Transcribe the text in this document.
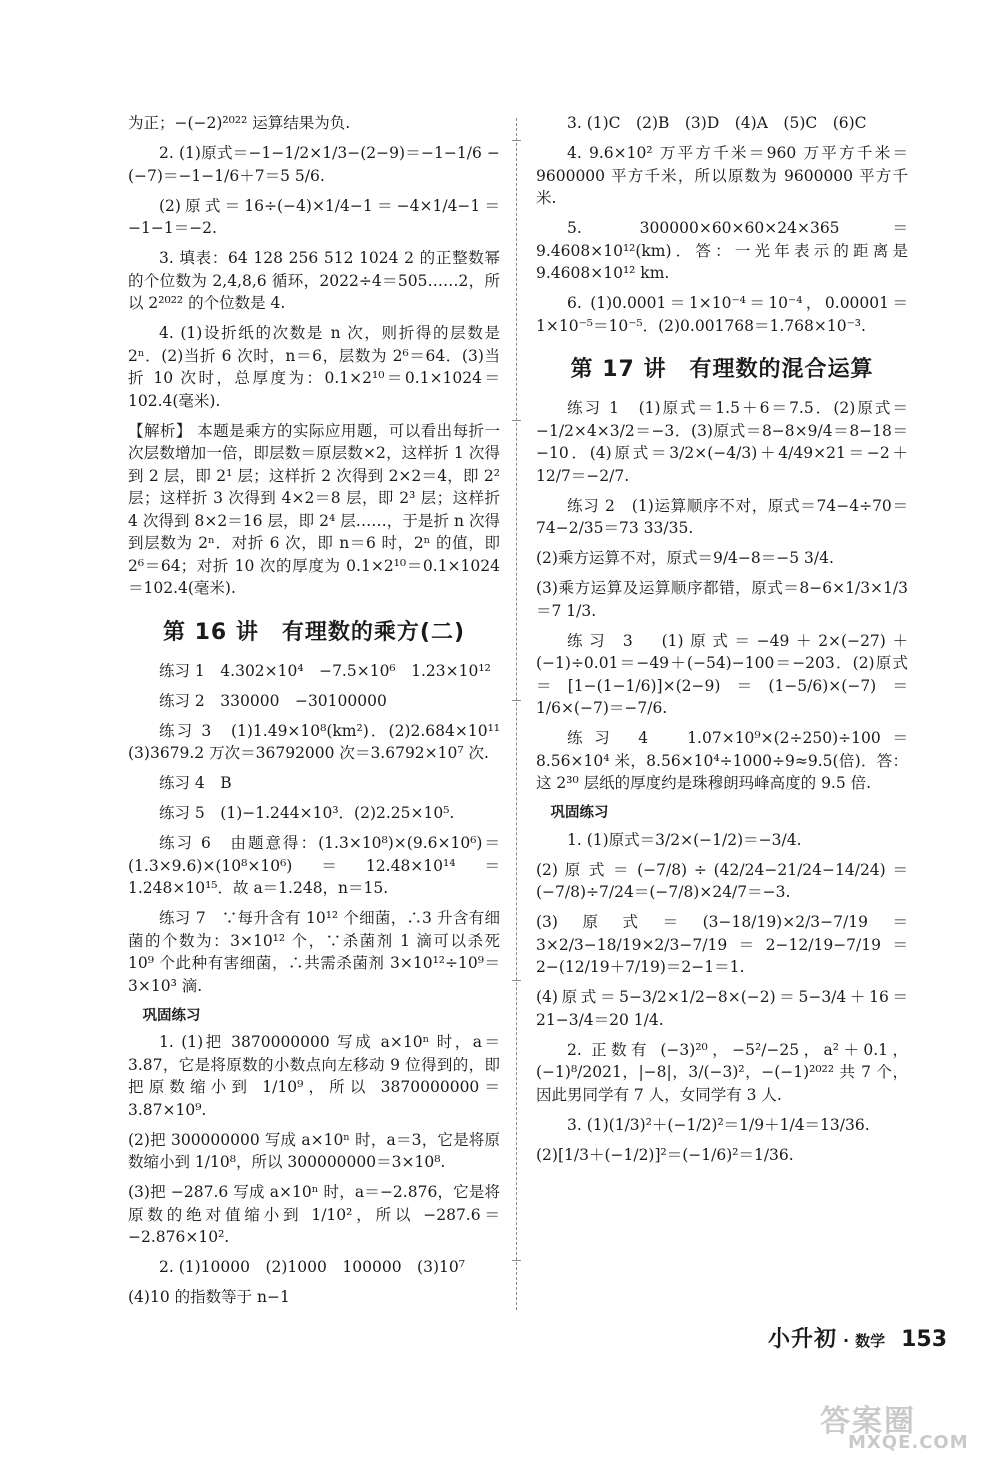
为正；−(−2)²⁰²² 运算结果为负.

2. (1)原式＝−1−1/2×1/3−(2−9)＝−1−1/6 −(−7)＝−1−1/6＋7＝5 5/6.

(2)原式＝16÷(−4)×1/4−1＝−4×1/4−1＝ −1−1＝−2.

3. 填表：64 128 256 512 1024 2 的正整数幂的个位数为 2,4,8,6 循环，2022÷4＝505……2，所以 2²⁰²² 的个位数是 4.

4. (1)设折纸的次数是 n 次，则折得的层数是 2ⁿ．(2)当折 6 次时，n＝6，层数为 2⁶＝64．(3)当折 10 次时，总厚度为：0.1×2¹⁰＝0.1×1024＝102.4(毫米).

【解析】 本题是乘方的实际应用题，可以看出每折一次层数增加一倍，即层数＝原层数×2，这样折 1 次得到 2 层，即 2¹ 层；这样折 2 次得到 2×2＝4，即 2² 层；这样折 3 次得到 4×2＝8 层，即 2³ 层；这样折 4 次得到 8×2＝16 层，即 2⁴ 层……，于是折 n 次得到层数为 2ⁿ．对折 6 次，即 n＝6 时，2ⁿ 的值，即 2⁶＝64；对折 10 次的厚度为 0.1×2¹⁰＝0.1×1024＝102.4(毫米).

第 16 讲　有理数的乘方(二)

练习 1　4.302×10⁴　−7.5×10⁶　1.23×10¹²

练习 2　330000　−30100000

练习 3　(1)1.49×10⁸(km²)．(2)2.684×10¹¹　(3)3679.2 万次＝36792000 次＝3.6792×10⁷ 次.

练习 4　B

练习 5　(1)−1.244×10³．(2)2.25×10⁵.

练习 6　由题意得：(1.3×10⁸)×(9.6×10⁶)＝(1.3×9.6)×(10⁸×10⁶)＝12.48×10¹⁴＝1.248×10¹⁵．故 a＝1.248，n＝15.

练习 7　∵每升含有 10¹² 个细菌，∴3 升含有细菌的个数为：3×10¹² 个，∵杀菌剂 1 滴可以杀死 10⁹ 个此种有害细菌，∴共需杀菌剂 3×10¹²÷10⁹＝3×10³ 滴.

巩固练习

1. (1)把 3870000000 写成 a×10ⁿ 时，a＝3.87，它是将原数的小数点向左移动 9 位得到的，即把原数缩小到 1/10⁹，所以 3870000000＝3.87×10⁹.

(2)把 300000000 写成 a×10ⁿ 时，a＝3，它是将原数缩小到 1/10⁸，所以 300000000＝3×10⁸.

(3)把 −287.6 写成 a×10ⁿ 时，a＝−2.876，它是将原数的绝对值缩小到 1/10²，所以 −287.6＝−2.876×10².

2. (1)10000　(2)1000　100000　(3)10⁷

(4)10 的指数等于 n−1

3. (1)C　(2)B　(3)D　(4)A　(5)C　(6)C

4. 9.6×10² 万平方千米＝960 万平方千米＝9600000 平方千米，所以原数为 9600000 平方千米.

5. 300000×60×60×24×365＝9.4608×10¹²(km)．答：一光年表示的距离是 9.4608×10¹² km.

6. (1)0.0001＝1×10⁻⁴＝10⁻⁴，0.00001＝1×10⁻⁵＝10⁻⁵．(2)0.001768＝1.768×10⁻³.

第 17 讲　有理数的混合运算

练习 1　(1)原式＝1.5＋6＝7.5．(2)原式＝−1/2×4×3/2＝−3．(3)原式＝8−8×9/4＝8−18＝−10．(4)原式＝3/2×(−4/3)＋4/49×21＝−2＋12/7＝−2/7.

练习 2　(1)运算顺序不对，原式＝74−4÷70＝74−2/35＝73 33/35.

(2)乘方运算不对，原式＝9/4−8＝−5 3/4.

(3)乘方运算及运算顺序都错，原式＝8−6×1/3×1/3＝7 1/3.

练习 3　(1)原式＝−49＋2×(−27)＋(−1)÷0.01＝−49＋(−54)−100＝−203．(2)原式＝[1−(1−1/6)]×(2−9)＝(1−5/6)×(−7)＝1/6×(−7)＝−7/6.

练习 4　1.07×10⁹×(2÷250)÷100＝8.56×10⁴ 米，8.56×10⁴÷1000÷9≈9.5(倍)．答：这 2³⁰ 层纸的厚度约是珠穆朗玛峰高度的 9.5 倍.

巩固练习

1. (1)原式＝3/2×(−1/2)＝−3/4.

(2) 原 式 ＝ (−7/8) ÷ (42/24−21/24−14/24) ＝ (−7/8)÷7/24＝(−7/8)×24/7＝−3.

(3)原式＝(3−18/19)×2/3−7/19＝3×2/3−18/19×2/3−7/19＝2−12/19−7/19＝2−(12/19＋7/19)＝2−1＝1.

(4)原式＝5−3/2×1/2−8×(−2)＝5−3/4＋16＝21−3/4＝20 1/4.

2. 正数有 (−3)²⁰，−5²/−25，a²＋0.1，(−1)⁸/2021，|−8|，3/(−3)²，−(−1)²⁰²² 共 7 个，因此男同学有 7 人，女同学有 3 人.

3. (1)(1/3)²＋(−1/2)²＝1/9＋1/4＝13/36.

(2)[1/3＋(−1/2)]²＝(−1/6)²＝1/36.

小升初 · 数学 153
答案圈
MXQE.COM
